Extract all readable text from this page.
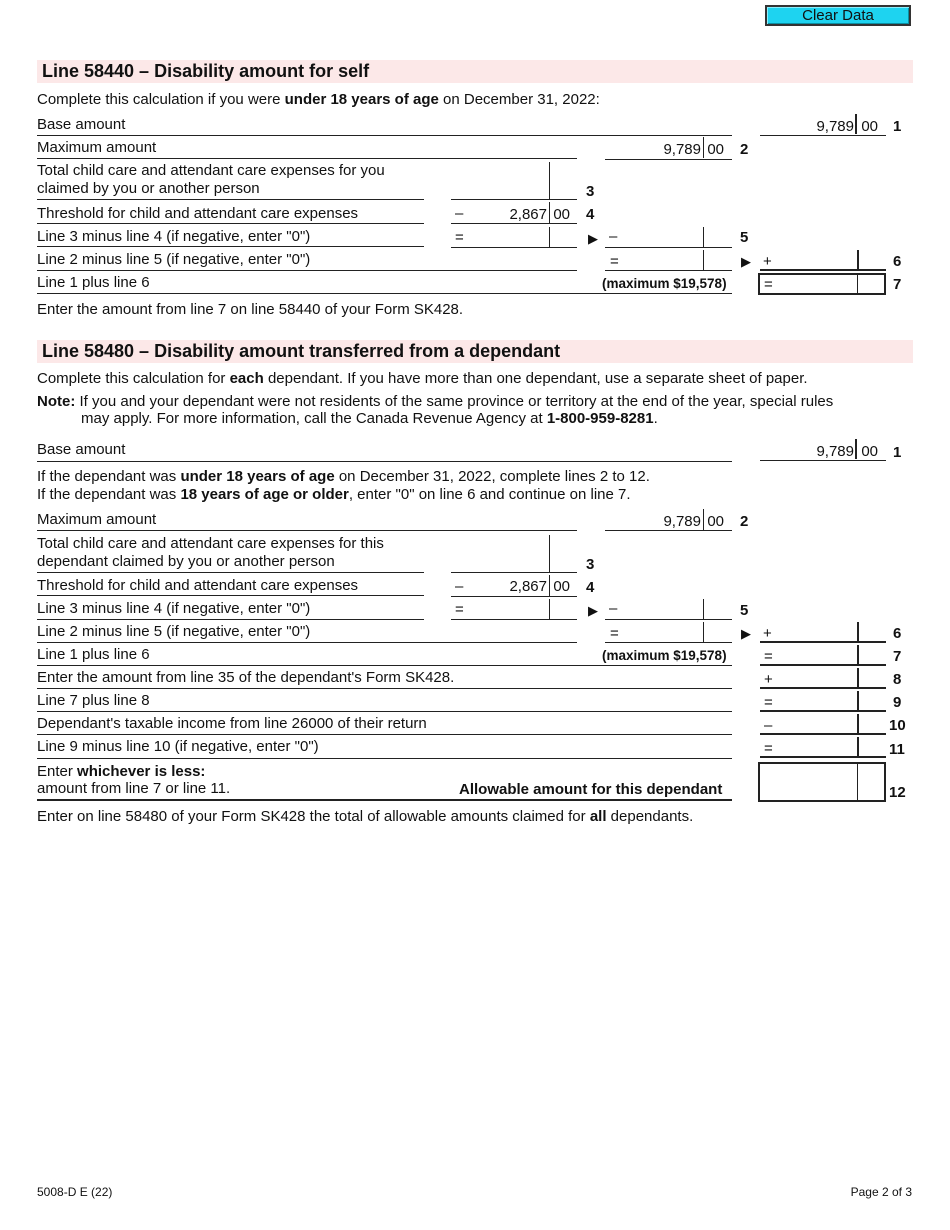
Clear Data
Line 58440 – Disability amount for self
Complete this calculation if you were under 18 years of age on December 31, 2022:
Base amount	9,789 00 1
Maximum amount	9,789 00 2
Total child care and attendant care expenses for you
claimed by you or another person	3
Threshold for child and attendant care expenses	–	2,867 00 4
Line 3 minus line 4 (if negative, enter "0")	=	▶ –	5
Line 2 minus line 5 (if negative, enter "0")	=	▶ +	6
Line 1 plus line 6	(maximum $19,578) =	7
Enter the amount from line 7 on line 58440 of your Form SK428.
Line 58480 – Disability amount transferred from a dependant
Complete this calculation for each dependant. If you have more than one dependant, use a separate sheet of paper.
Note: If you and your dependant were not residents of the same province or territory at the end of the year, special rules
may apply. For more information, call the Canada Revenue Agency at 1-800-959-8281.
Base amount	9,789 00 1
If the dependant was under 18 years of age on December 31, 2022, complete lines 2 to 12.
If the dependant was 18 years of age or older, enter "0" on line 6 and continue on line 7.
Maximum amount	9,789 00 2
Total child care and attendant care expenses for this
dependant claimed by you or another person	3
Threshold for child and attendant care expenses	–	2,867 00 4
Line 3 minus line 4 (if negative, enter "0")	=	▶ –	5
Line 2 minus line 5 (if negative, enter "0")	=	▶ +	6
Line 1 plus line 6	(maximum $19,578) =	7
Enter the amount from line 35 of the dependant's Form SK428.	+	8
Line 7 plus line 8	=	9
Dependant's taxable income from line 26000 of their return	–	10
Line 9 minus line 10 (if negative, enter "0")	=	11
Enter whichever is less:
amount from line 7 or line 11.	Allowable amount for this dependant	12
Enter on line 58480 of your Form SK428 the total of allowable amounts claimed for all dependants.
5008-D E (22)	Page 2 of 3
